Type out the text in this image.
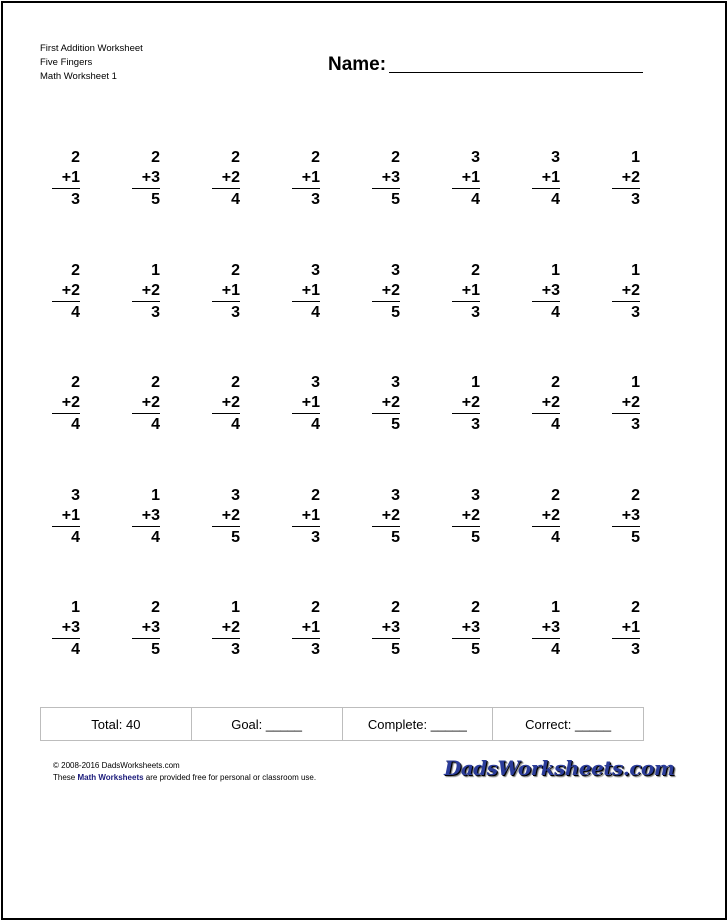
First Addition Worksheet
Five Fingers
Math Worksheet 1
Name:
2
+1
3
2
+3
5
2
+2
4
2
+1
3
2
+3
5
3
+1
4
3
+1
4
1
+2
3
2
+2
4
1
+2
3
2
+1
3
3
+1
4
3
+2
5
2
+1
3
1
+3
4
1
+2
3
2
+2
4
2
+2
4
2
+2
4
3
+1
4
3
+2
5
1
+2
3
2
+2
4
1
+2
3
3
+1
4
1
+3
4
3
+2
5
2
+1
3
3
+2
5
3
+2
5
2
+2
4
2
+3
5
1
+3
4
2
+3
5
1
+2
3
2
+1
3
2
+3
5
2
+3
5
1
+3
4
2
+1
3
Total: 40	Goal: _____	Complete: _____	Correct: _____
© 2008-2016 DadsWorksheets.com
These Math Worksheets are provided free for personal or classroom use.	DadsWorksheets.com
